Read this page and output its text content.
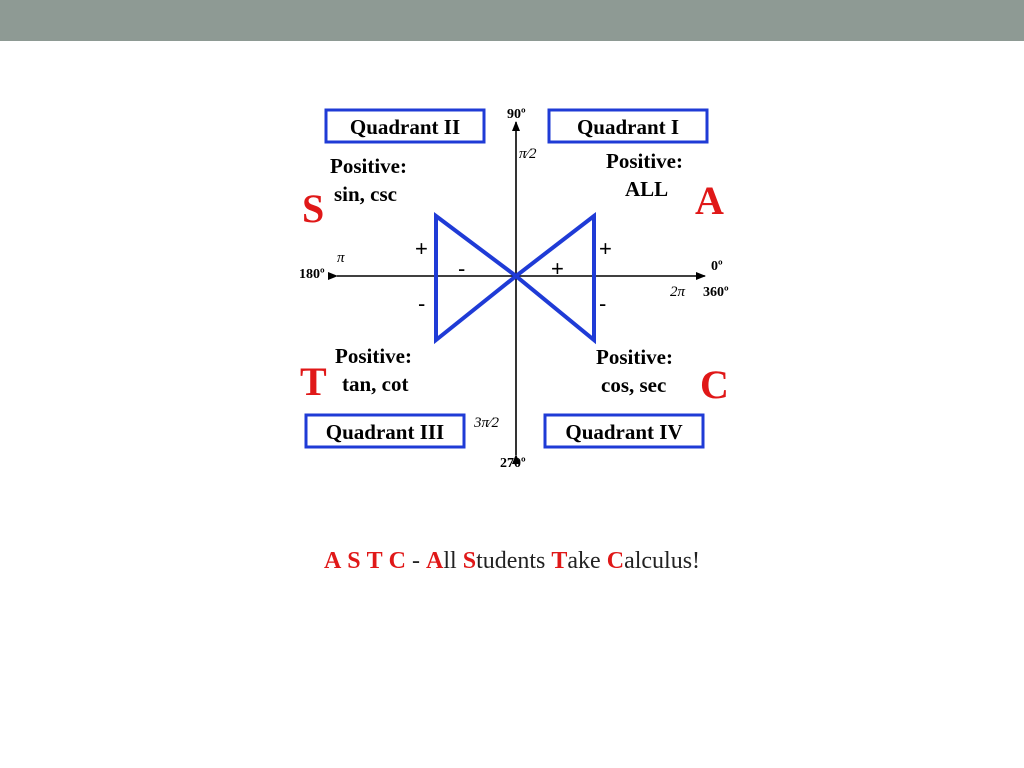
Quadrant II	Quadrant I
Quadrant III	Quadrant IV
Positive:
sin, csc
Positive:
ALL
Positive:
tan, cot
Positive:
cos, sec
S	A
T	C
90º
π⁄2
180º
π
0º
360º
2π
270º
3π⁄2
+
-
-
+
+
-
A S T C - All Students Take Calculus!
